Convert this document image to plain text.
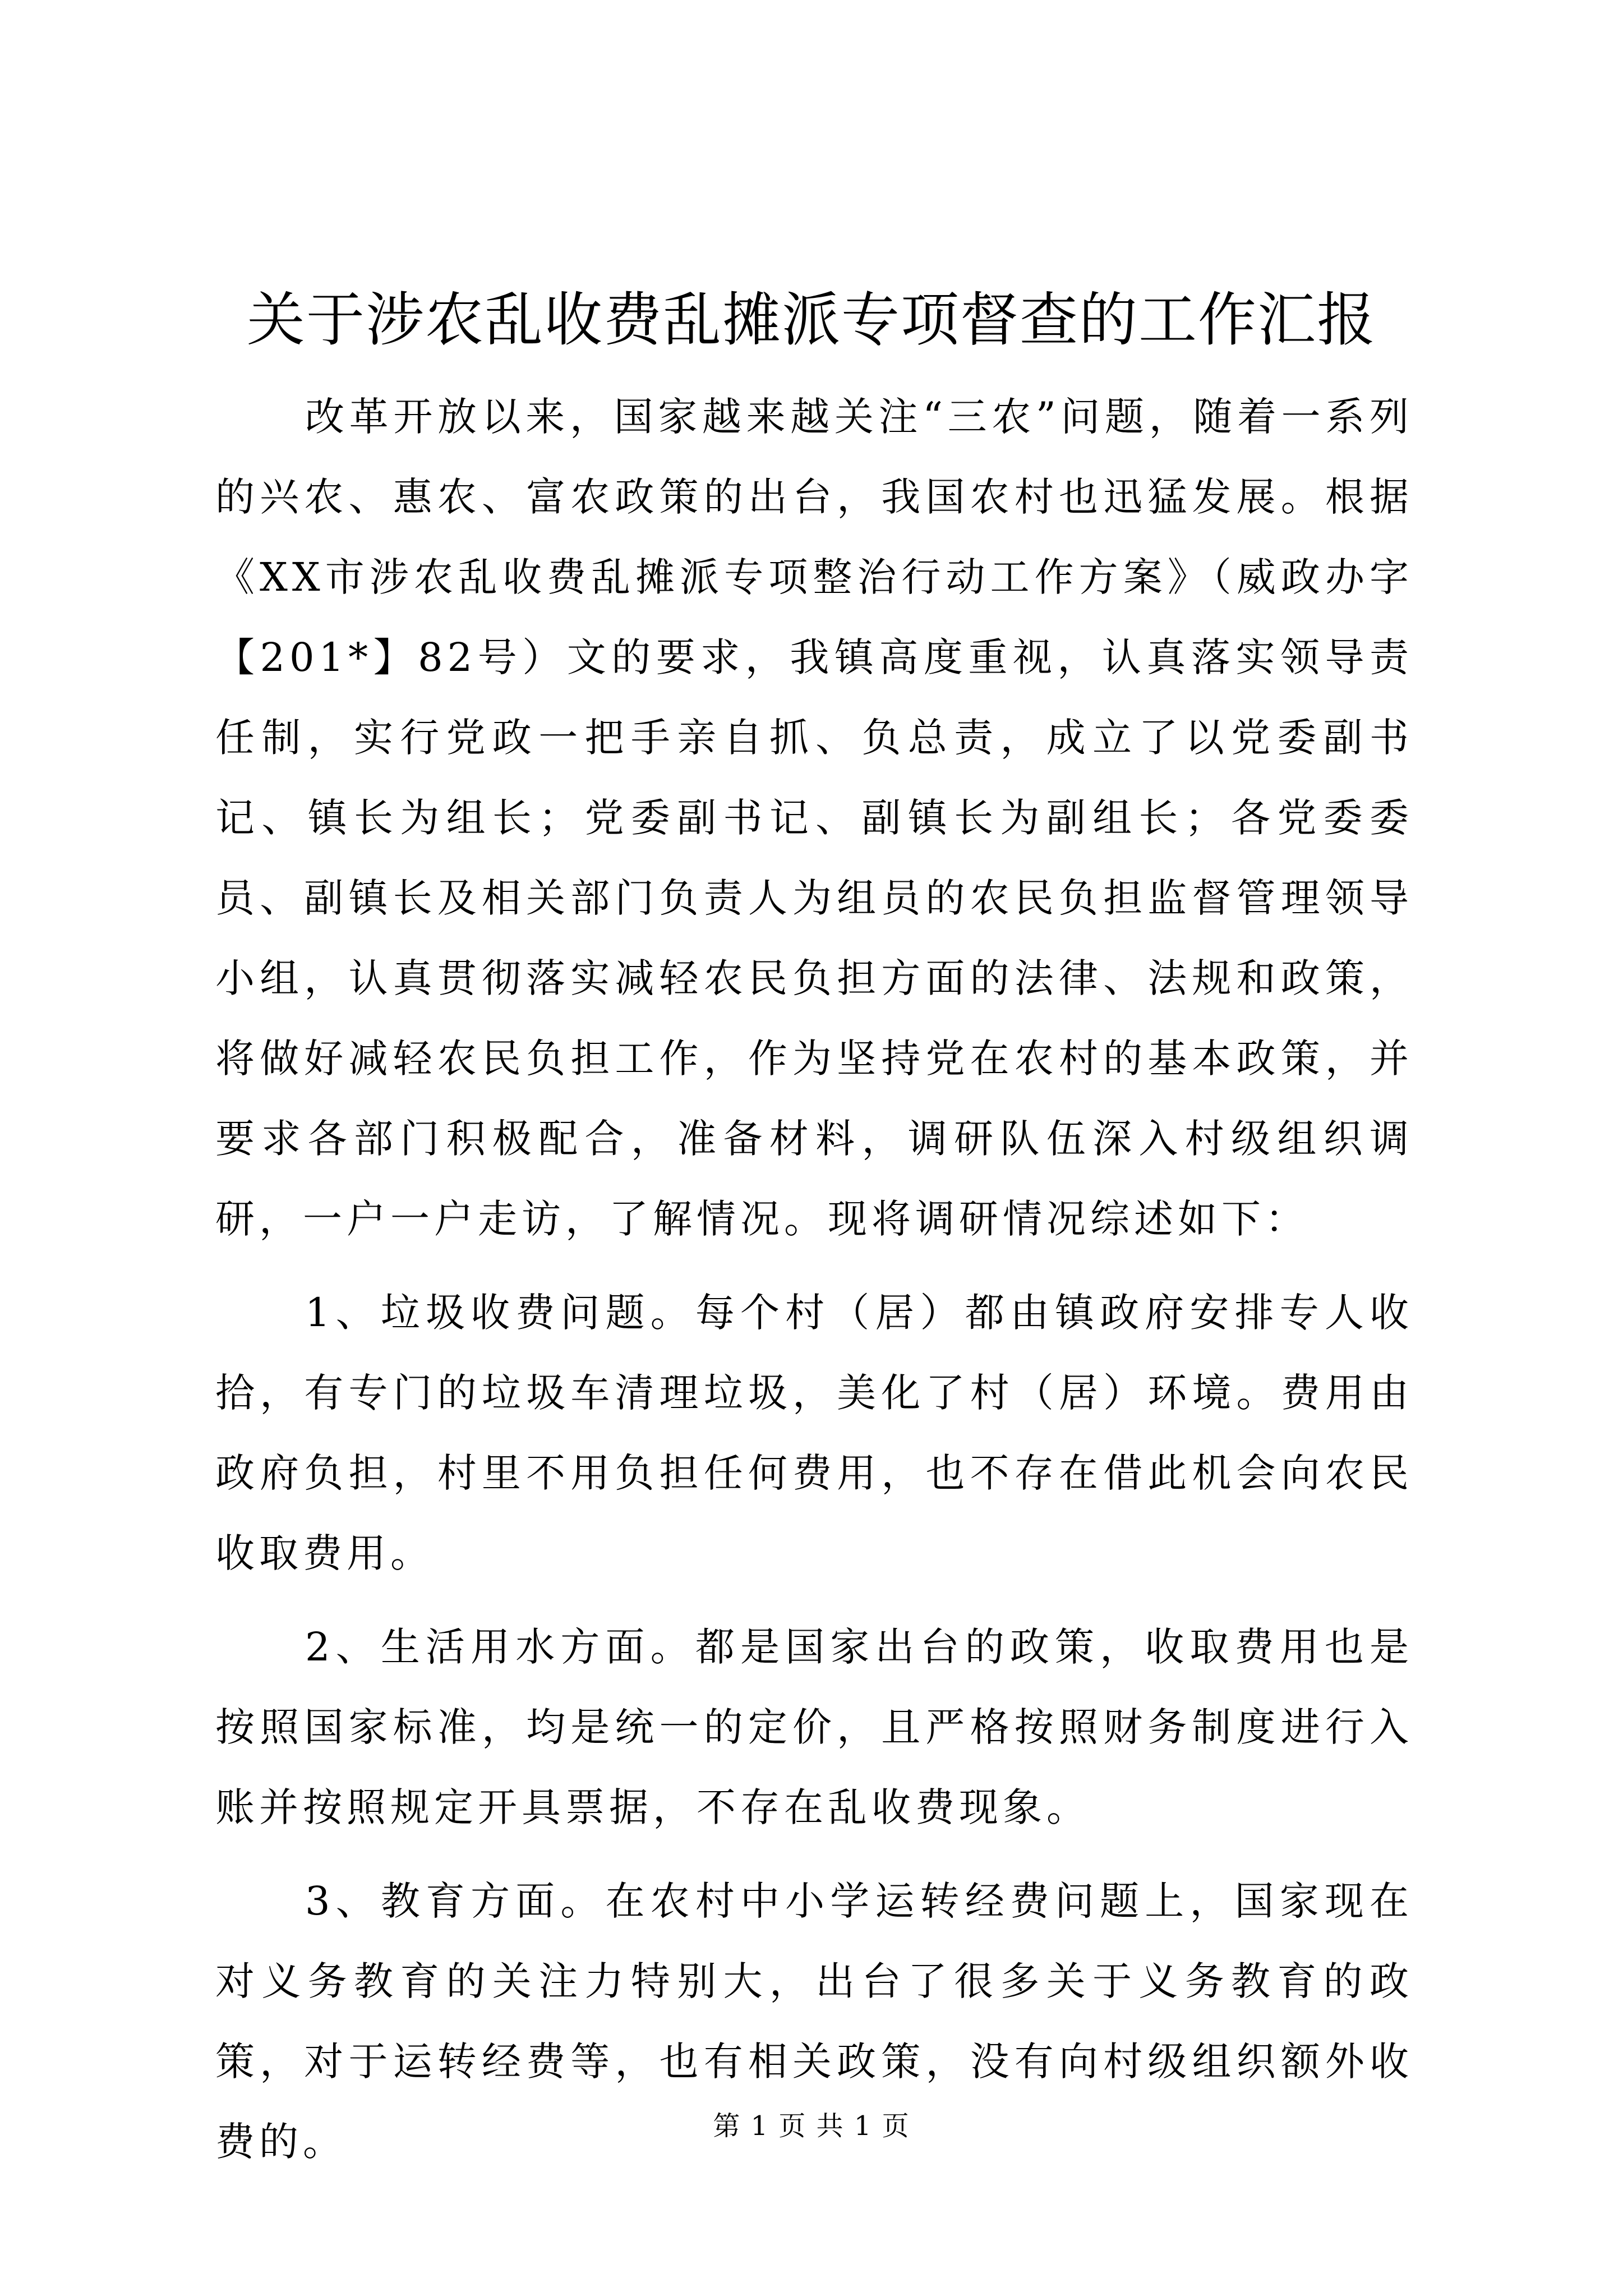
关于涉农乱收费乱摊派专项督查的工作汇报

改革开放以来，国家越来越关注“三农”问题，随着一系列的兴农、惠农、富农政策的出台，我国农村也迅猛发展。根据《XX市涉农乱收费乱摊派专项整治行动工作方案》（威政办字【201*】82号）文的要求，我镇高度重视，认真落实领导责任制，实行党政一把手亲自抓、负总责，成立了以党委副书记、镇长为组长；党委副书记、副镇长为副组长；各党委委员、副镇长及相关部门负责人为组员的农民负担监督管理领导小组，认真贯彻落实减轻农民负担方面的法律、法规和政策，将做好减轻农民负担工作，作为坚持党在农村的基本政策，并要求各部门积极配合，准备材料，调研队伍深入村级组织调研，一户一户走访，了解情况。现将调研情况综述如下：

1、垃圾收费问题。每个村（居）都由镇政府安排专人收拾，有专门的垃圾车清理垃圾，美化了村（居）环境。费用由政府负担，村里不用负担任何费用，也不存在借此机会向农民收取费用。

2、生活用水方面。都是国家出台的政策，收取费用也是按照国家标准，均是统一的定价，且严格按照财务制度进行入账并按照规定开具票据，不存在乱收费现象。

3、教育方面。在农村中小学运转经费问题上，国家现在对义务教育的关注力特别大，出台了很多关于义务教育的政策，对于运转经费等，也有相关政策，没有向村级组织额外收费的。	第 1 页 共 1 页
